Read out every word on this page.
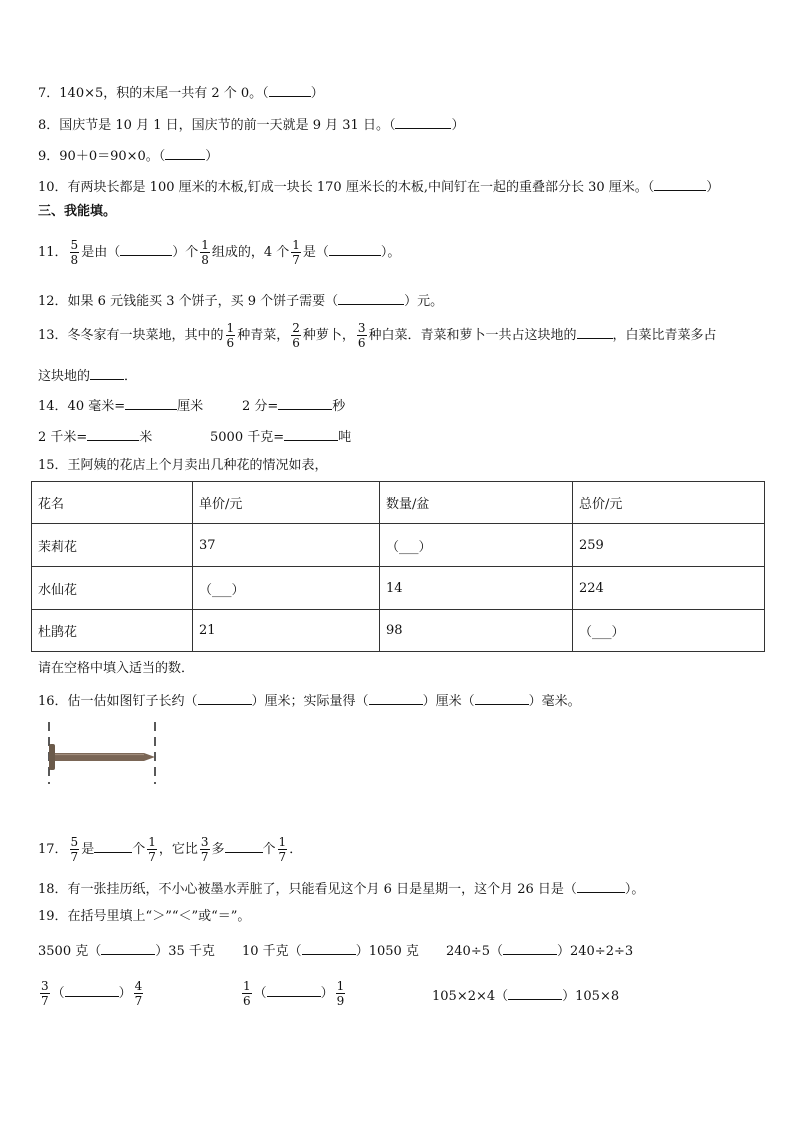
7．140×5，积的末尾一共有 2 个 0。（	）
8．国庆节是 10 月 1 日，国庆节的前一天就是 9 月 31 日。（	）
9．90＋0＝90×0。（	）
10．有两块长都是 100 厘米的木板,钉成一块长 170 厘米长的木板,中间钉在一起的重叠部分长 30 厘米。（	）
三、我能填。
11． $\frac{5}{8}$ 是由（	）个 $\frac{1}{8}$ 组成的，4 个 $\frac{1}{7}$ 是（	）。
12．如果 6 元钱能买 3 个饼子，买 9 个饼子需要（	）元。
13．冬冬家有一块菜地，其中的 $\frac{1}{6}$ 种青菜， $\frac{2}{6}$ 种萝卜， $\frac{3}{6}$ 种白菜．青菜和萝卜一共占这块地的	，白菜比青菜多占
这块地的	．
14．40 毫米=	厘米	2 分=	秒
2 千米=	米	5000 千克=	吨
15．王阿姨的花店上个月卖出几种花的情况如表，
花名	单价/元	数量/盆	总价/元
茉莉花	37	（___）	259
水仙花	（___）	14	224
杜鹃花	21	98	（___）
请在空格中填入适当的数．
16．估一估如图钉子长约（	）厘米；实际量得（	）厘米（	）毫米。
17． $\frac{5}{7}$ 是	个 $\frac{1}{7}$ ，它比 $\frac{3}{7}$ 多	个 $\frac{1}{7}$ ．
18．有一张挂历纸，不小心被墨水弄脏了，只能看见这个月 6 日是星期一，这个月 26 日是（	）。
19．在括号里填上“＞”“＜”或“＝”。
3500 克（	）35 千克 10 千克（	）1050 克 240÷5（	）240÷2÷3
$\frac{3}{7}$ （	） $\frac{4}{7}$	$\frac{1}{6}$ （	） $\frac{1}{9}$	105×2×4（	）105×8
